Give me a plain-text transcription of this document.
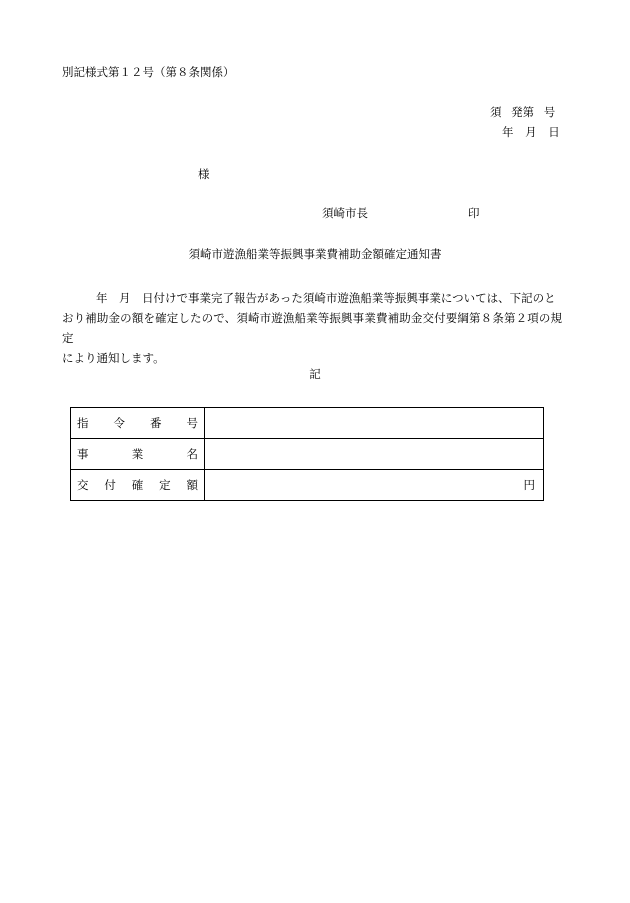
別記様式第１２号（第８条関係）
須 発第 号
年 月 日
様
須崎市長	印
須崎市遊漁船業等振興事業費補助金額確定通知書
年　月　日付けで事業完了報告があった須崎市遊漁船業等振興事業については、下記のと
おり補助金の額を確定したので、須崎市遊漁船業等振興事業費補助金交付要綱第８条第２項の規定
により通知します。
記
指 令 番 号	

事 業 名	

交 付 確 定 額	円
